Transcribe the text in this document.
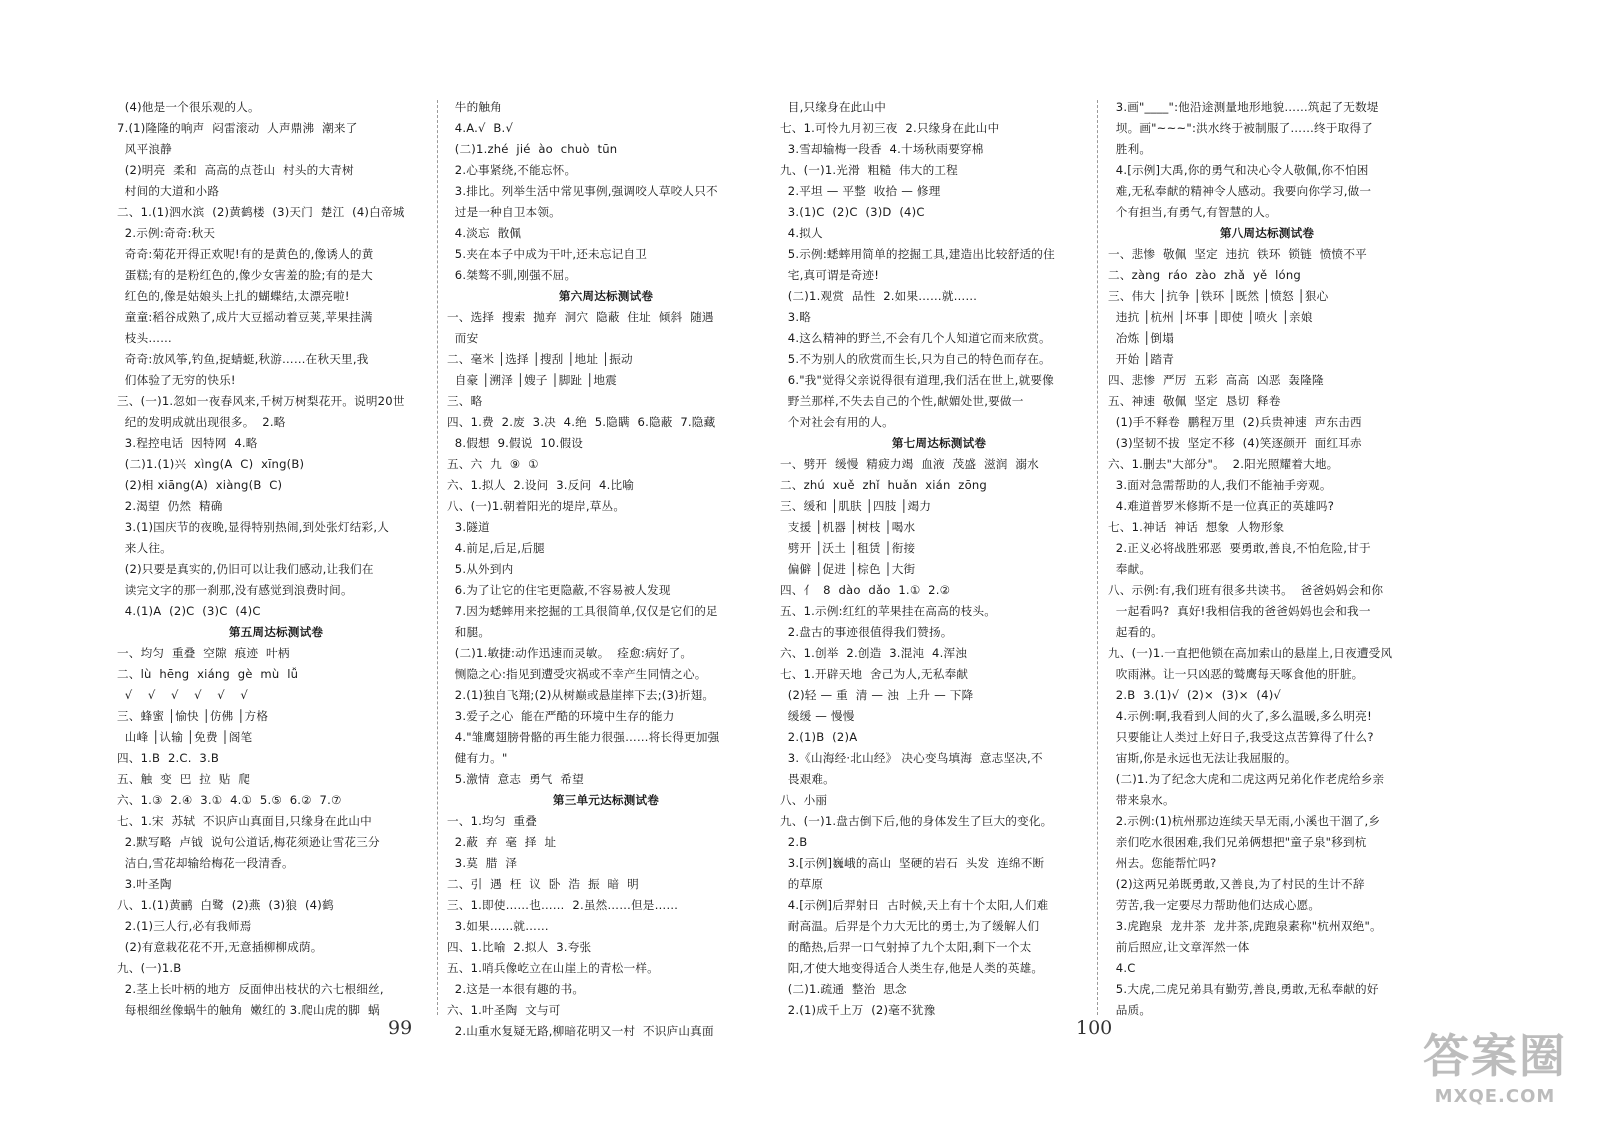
(4)他是一个很乐观的人。
7.(1)隆隆的响声  闷雷滚动  人声鼎沸  潮来了
风平浪静
(2)明亮  柔和  高高的点苍山  村头的大青树
村间的大道和小路
二、1.(1)泗水滨  (2)黄鹤楼  (3)天门  楚江  (4)白帝城
2.示例:奇奇:秋天
奇奇:菊花开得正欢呢!有的是黄色的,像诱人的黄
蛋糕;有的是粉红色的,像少女害羞的脸;有的是大
红色的,像是姑娘头上扎的蝴蝶结,太漂亮啦!
童童:稻谷成熟了,成片大豆摇动着豆荚,苹果挂满
枝头……
奇奇:放风筝,钓鱼,捉蜻蜓,秋游……在秋天里,我
们体验了无穷的快乐!
三、(一)1.忽如一夜春风来,千树万树梨花开。说明20世
纪的发明成就出现很多。  2.略
3.程控电话  因特网  4.略
(二)1.(1)兴  xìng(A  C)  xīng(B)
(2)相 xiāng(A)  xiàng(B  C)
2.渴望  仍然  精确
3.(1)国庆节的夜晚,显得特别热闹,到处张灯结彩,人
来人往。
(2)只要是真实的,仍旧可以让我们感动,让我们在
读完文字的那一刹那,没有感觉到浪费时间。
4.(1)A  (2)C  (3)C  (4)C
第五周达标测试卷
一、均匀  重叠  空隙  痕迹  叶柄
二、lù  hēng  xiáng  gè  mù  lǚ
√    √    √    √    √    √
三、蜂蜜 │愉快 │仿佛 │方格
山峰 │认输 │免费 │阁笔
四、1.B  2.C.  3.B
五、触  变  巴  拉  贴  爬
六、1.③  2.④  3.①  4.①  5.⑤  6.②  7.⑦
七、1.宋  苏轼  不识庐山真面目,只缘身在此山中
2.默写略  卢钺  说句公道话,梅花须逊让雪花三分
洁白,雪花却输给梅花一段清香。
3.叶圣陶
八、1.(1)黄鹂  白鹭  (2)燕  (3)狼  (4)鹤
2.(1)三人行,必有我师焉
(2)有意栽花花不开,无意插柳柳成荫。
九、(一)1.B
2.茎上长叶柄的地方  反面伸出枝状的六七根细丝,
每根细丝像蜗牛的触角  嫩红的 3.爬山虎的脚  蜗
牛的触角
4.A.√  B.√
(二)1.zhé  jié  ào  chuò  tūn
2.心事紧绕,不能忘怀。
3.排比。列举生活中常见事例,强调咬人草咬人只不
过是一种自卫本领。
4.淡忘  散佩
5.夹在本子中成为干叶,还未忘记自卫
6.桀骜不驯,刚强不屈。
第六周达标测试卷
一、选择  搜索  抛弃  洞穴  隐蔽  住址  倾斜  随遇
而安
二、毫米 │选择 │搜刮 │地址 │振动
自豪 │溯泽 │嫂子 │脚趾 │地震
三、略
四、1.费  2.废  3.决  4.绝  5.隐瞒  6.隐蔽  7.隐藏
8.假想  9.假说  10.假设
五、六  九  ⑨  ①
六、1.拟人  2.设问  3.反问  4.比喻
八、(一)1.朝着阳光的堤岸,草丛。
3.隧道
4.前足,后足,后腿
5.从外到内
6.为了让它的住宅更隐蔽,不容易被人发现
7.因为蟋蟀用来挖掘的工具很简单,仅仅是它们的足
和腿。
(二)1.敏捷:动作迅速而灵敏。  痊愈:病好了。
恻隐之心:指见到遭受灾祸或不幸产生同情之心。
2.(1)独自飞翔;(2)从树巅或悬崖摔下去;(3)折翅。
3.爱子之心  能在严酷的环境中生存的能力
4."雏鹰翅膀骨骼的再生能力很强……将长得更加强
健有力。"
5.激情  意志  勇气  希望
第三单元达标测试卷
一、1.均匀  重叠
2.蔽  弃  毫  择  址
3.莫  腊  泽
二、引  遇  枉  议  卧  浩  振  暗  明
三、1.即使……也……  2.虽然……但是……
3.如果……就……
四、1.比喻  2.拟人  3.夸张
五、1.哨兵像屹立在山崖上的青松一样。
2.这是一本很有趣的书。
六、1.叶圣陶  文与可
2.山重水复疑无路,柳暗花明又一村  不识庐山真面
目,只缘身在此山中
七、1.可怜九月初三夜  2.只缘身在此山中
3.雪却输梅一段香  4.十场秋雨要穿棉
九、(一)1.光滑  粗糙  伟大的工程
2.平坦 — 平整  收拾 — 修理
3.(1)C  (2)C  (3)D  (4)C
4.拟人
5.示例:蟋蟀用简单的挖掘工具,建造出比较舒适的住
宅,真可谓是奇迹!
(二)1.观赏  品性  2.如果……就……
3.略
4.这么精神的野兰,不会有几个人知道它而来欣赏。
5.不为别人的欣赏而生长,只为自己的特色而存在。
6."我"觉得父亲说得很有道理,我们活在世上,就要像
野兰那样,不失去自己的个性,献媚处世,要做一
个对社会有用的人。
第七周达标测试卷
一、劈开  缓慢  精疲力竭  血液  茂盛  滋润  溺水
二、zhú  xuě  zhǐ  huǎn  xián  zōng
三、缓和 │肌肤 │四肢 │竭力
支援 │机器 │树枝 │喝水
劈开 │沃土 │租赁 │衔接
偏僻 │促进 │棕色 │大街
四、亻  8  dào  dǎo  1.①  2.②
五、1.示例:红红的苹果挂在高高的枝头。
2.盘古的事迹很值得我们赞扬。
六、1.创举  2.创造  3.混沌  4.浑浊
七、1.开辟天地  舍己为人,无私奉献
(2)轻 — 重  清 — 浊  上升 — 下降
缓缓 — 慢慢
2.(1)B  (2)A
3.《山海经·北山经》 决心变鸟填海  意志坚决,不
畏艰难。
八、小丽
九、(一)1.盘古倒下后,他的身体发生了巨大的变化。
2.B
3.[示例]巍峨的高山  坚硬的岩石  头发  连绵不断
的草原
4.[示例]后羿射日  古时候,天上有十个太阳,人们难
耐高温。后羿是个力大无比的勇士,为了缓解人们
的酷热,后羿一口气射掉了九个太阳,剩下一个太
阳,才使大地变得适合人类生存,他是人类的英雄。
(二)1.疏通  整治  思念
2.(1)成千上万  (2)毫不犹豫
3.画"____":他沿途测量地形地貌……筑起了无数堤
坝。画"~~~":洪水终于被制服了……终于取得了
胜利。
4.[示例]大禹,你的勇气和决心令人敬佩,你不怕困
难,无私奉献的精神令人感动。我要向你学习,做一
个有担当,有勇气,有智慧的人。
第八周达标测试卷
一、悲惨  敬佩  坚定  违抗  铁环  锁链  愤愤不平
二、zàng  ráo  zào  zhǎ  yě  lóng
三、伟大 │抗争 │铁环 │既然 │愤怒 │狠心
违抗 │杭州 │坏事 │即使 │喷火 │亲娘
冶炼 │倒塌
开始 │踏青
四、悲惨  严厉  五彩  高高  凶恶  轰隆隆
五、神速  敬佩  坚定  恳切  释卷
(1)手不释卷  鹏程万里  (2)兵贵神速  声东击西
(3)坚韧不拔  坚定不移  (4)笑逐颜开  面红耳赤
六、1.删去"大部分"。  2.阳光照耀着大地。
3.面对急需帮助的人,我们不能袖手旁观。
4.难道普罗米修斯不是一位真正的英雄吗?
七、1.神话  神话  想象  人物形象
2.正义必将战胜邪恶  要勇敢,善良,不怕危险,甘于
奉献。
八、示例:有,我们班有很多共读书。  爸爸妈妈会和你
一起看吗?  真好!我相信我的爸爸妈妈也会和我一
起看的。
九、(一)1.一直把他锁在高加索山的悬崖上,日夜遭受风
吹雨淋。让一只凶恶的鹫鹰每天啄食他的肝脏。
2.B  3.(1)√  (2)×  (3)×  (4)√
4.示例:啊,我看到人间的火了,多么温暖,多么明亮!
只要能让人类过上好日子,我受这点苦算得了什么?
宙斯,你是永远也无法让我屈服的。
(二)1.为了纪念大虎和二虎这两兄弟化作老虎给乡亲
带来泉水。
2.示例:(1)杭州那边连续天旱无雨,小溪也干涸了,乡
亲们吃水很困难,我们兄弟俩想把"童子泉"移到杭
州去。您能帮忙吗?
(2)这两兄弟既勇敢,又善良,为了村民的生计不辞
劳苦,我一定要尽力帮助他们达成心愿。
3.虎跑泉  龙井茶  龙井茶,虎跑泉素称"杭州双绝"。
前后照应,让文章浑然一体
4.C
5.大虎,二虎兄弟具有勤劳,善良,勇敢,无私奉献的好
品质。
99	100
答案圈
MXQE.COM
